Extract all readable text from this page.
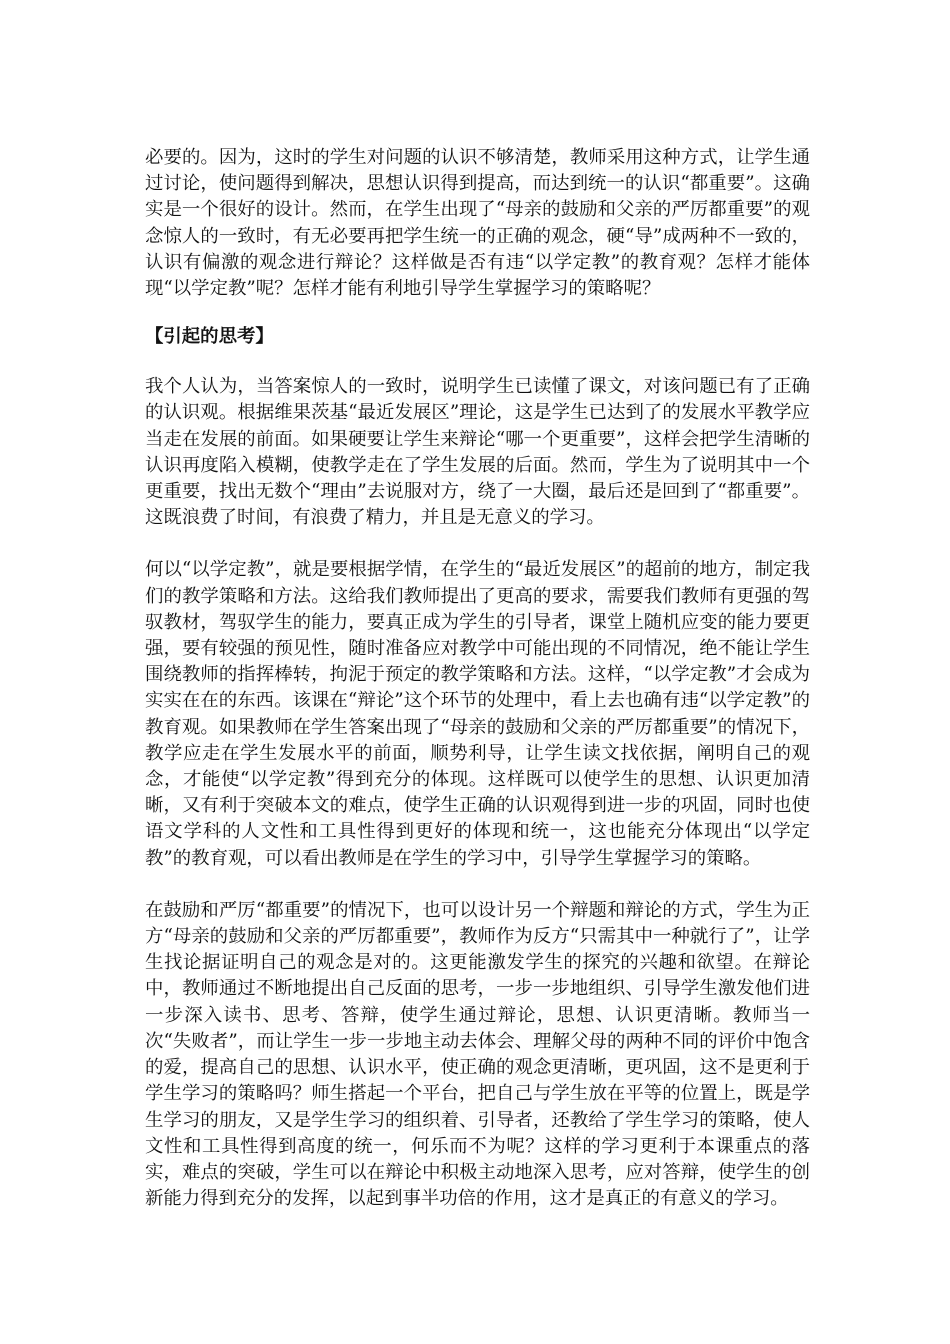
必要的。因为，这时的学生对问题的认识不够清楚，教师采用这种方式，让学生通过讨论，使问题得到解决，思想认识得到提高，而达到统一的认识“都重要”。这确实是一个很好的设计。然而，在学生出现了“母亲的鼓励和父亲的严厉都重要”的观念惊人的一致时，有无必要再把学生统一的正确的观念，硬“导”成两种不一致的，认识有偏激的观念进行辩论？这样做是否有违“以学定教”的教育观？怎样才能体现“以学定教”呢？怎样才能有利地引导学生掌握学习的策略呢？

【引起的思考】

我个人认为，当答案惊人的一致时，说明学生已读懂了课文，对该问题已有了正确的认识观。根据维果茨基“最近发展区”理论，这是学生已达到了的发展水平教学应当走在发展的前面。如果硬要让学生来辩论“哪一个更重要”，这样会把学生清晰的认识再度陷入模糊，使教学走在了学生发展的后面。然而，学生为了说明其中一个更重要，找出无数个“理由”去说服对方，绕了一大圈，最后还是回到了“都重要”。这既浪费了时间，有浪费了精力，并且是无意义的学习。

何以“以学定教”，就是要根据学情，在学生的“最近发展区”的超前的地方，制定我们的教学策略和方法。这给我们教师提出了更高的要求，需要我们教师有更强的驾驭教材，驾驭学生的能力，要真正成为学生的引导者，课堂上随机应变的能力要更强，要有较强的预见性，随时准备应对教学中可能出现的不同情况，绝不能让学生围绕教师的指挥棒转，拘泥于预定的教学策略和方法。这样，“以学定教”才会成为实实在在的东西。该课在“辩论”这个环节的处理中，看上去也确有违“以学定教”的教育观。如果教师在学生答案出现了“母亲的鼓励和父亲的严厉都重要”的情况下，教学应走在学生发展水平的前面，顺势利导，让学生读文找依据，阐明自己的观念，才能使“以学定教”得到充分的体现。这样既可以使学生的思想、认识更加清晰，又有利于突破本文的难点，使学生正确的认识观得到进一步的巩固，同时也使语文学科的人文性和工具性得到更好的体现和统一，这也能充分体现出“以学定教”的教育观，可以看出教师是在学生的学习中，引导学生掌握学习的策略。

在鼓励和严厉“都重要”的情况下，也可以设计另一个辩题和辩论的方式，学生为正方“母亲的鼓励和父亲的严厉都重要”，教师作为反方“只需其中一种就行了”，让学生找论据证明自己的观念是对的。这更能激发学生的探究的兴趣和欲望。在辩论中，教师通过不断地提出自己反面的思考，一步一步地组织、引导学生激发他们进一步深入读书、思考、答辩，使学生通过辩论，思想、认识更清晰。教师当一次“失败者”，而让学生一步一步地主动去体会、理解父母的两种不同的评价中饱含的爱，提高自己的思想、认识水平，使正确的观念更清晰，更巩固，这不是更利于学生学习的策略吗？师生搭起一个平台，把自己与学生放在平等的位置上，既是学生学习的朋友，又是学生学习的组织着、引导者，还教给了学生学习的策略，使人文性和工具性得到高度的统一，何乐而不为呢？这样的学习更利于本课重点的落实，难点的突破，学生可以在辩论中积极主动地深入思考，应对答辩，使学生的创新能力得到充分的发挥，以起到事半功倍的作用，这才是真正的有意义的学习。
